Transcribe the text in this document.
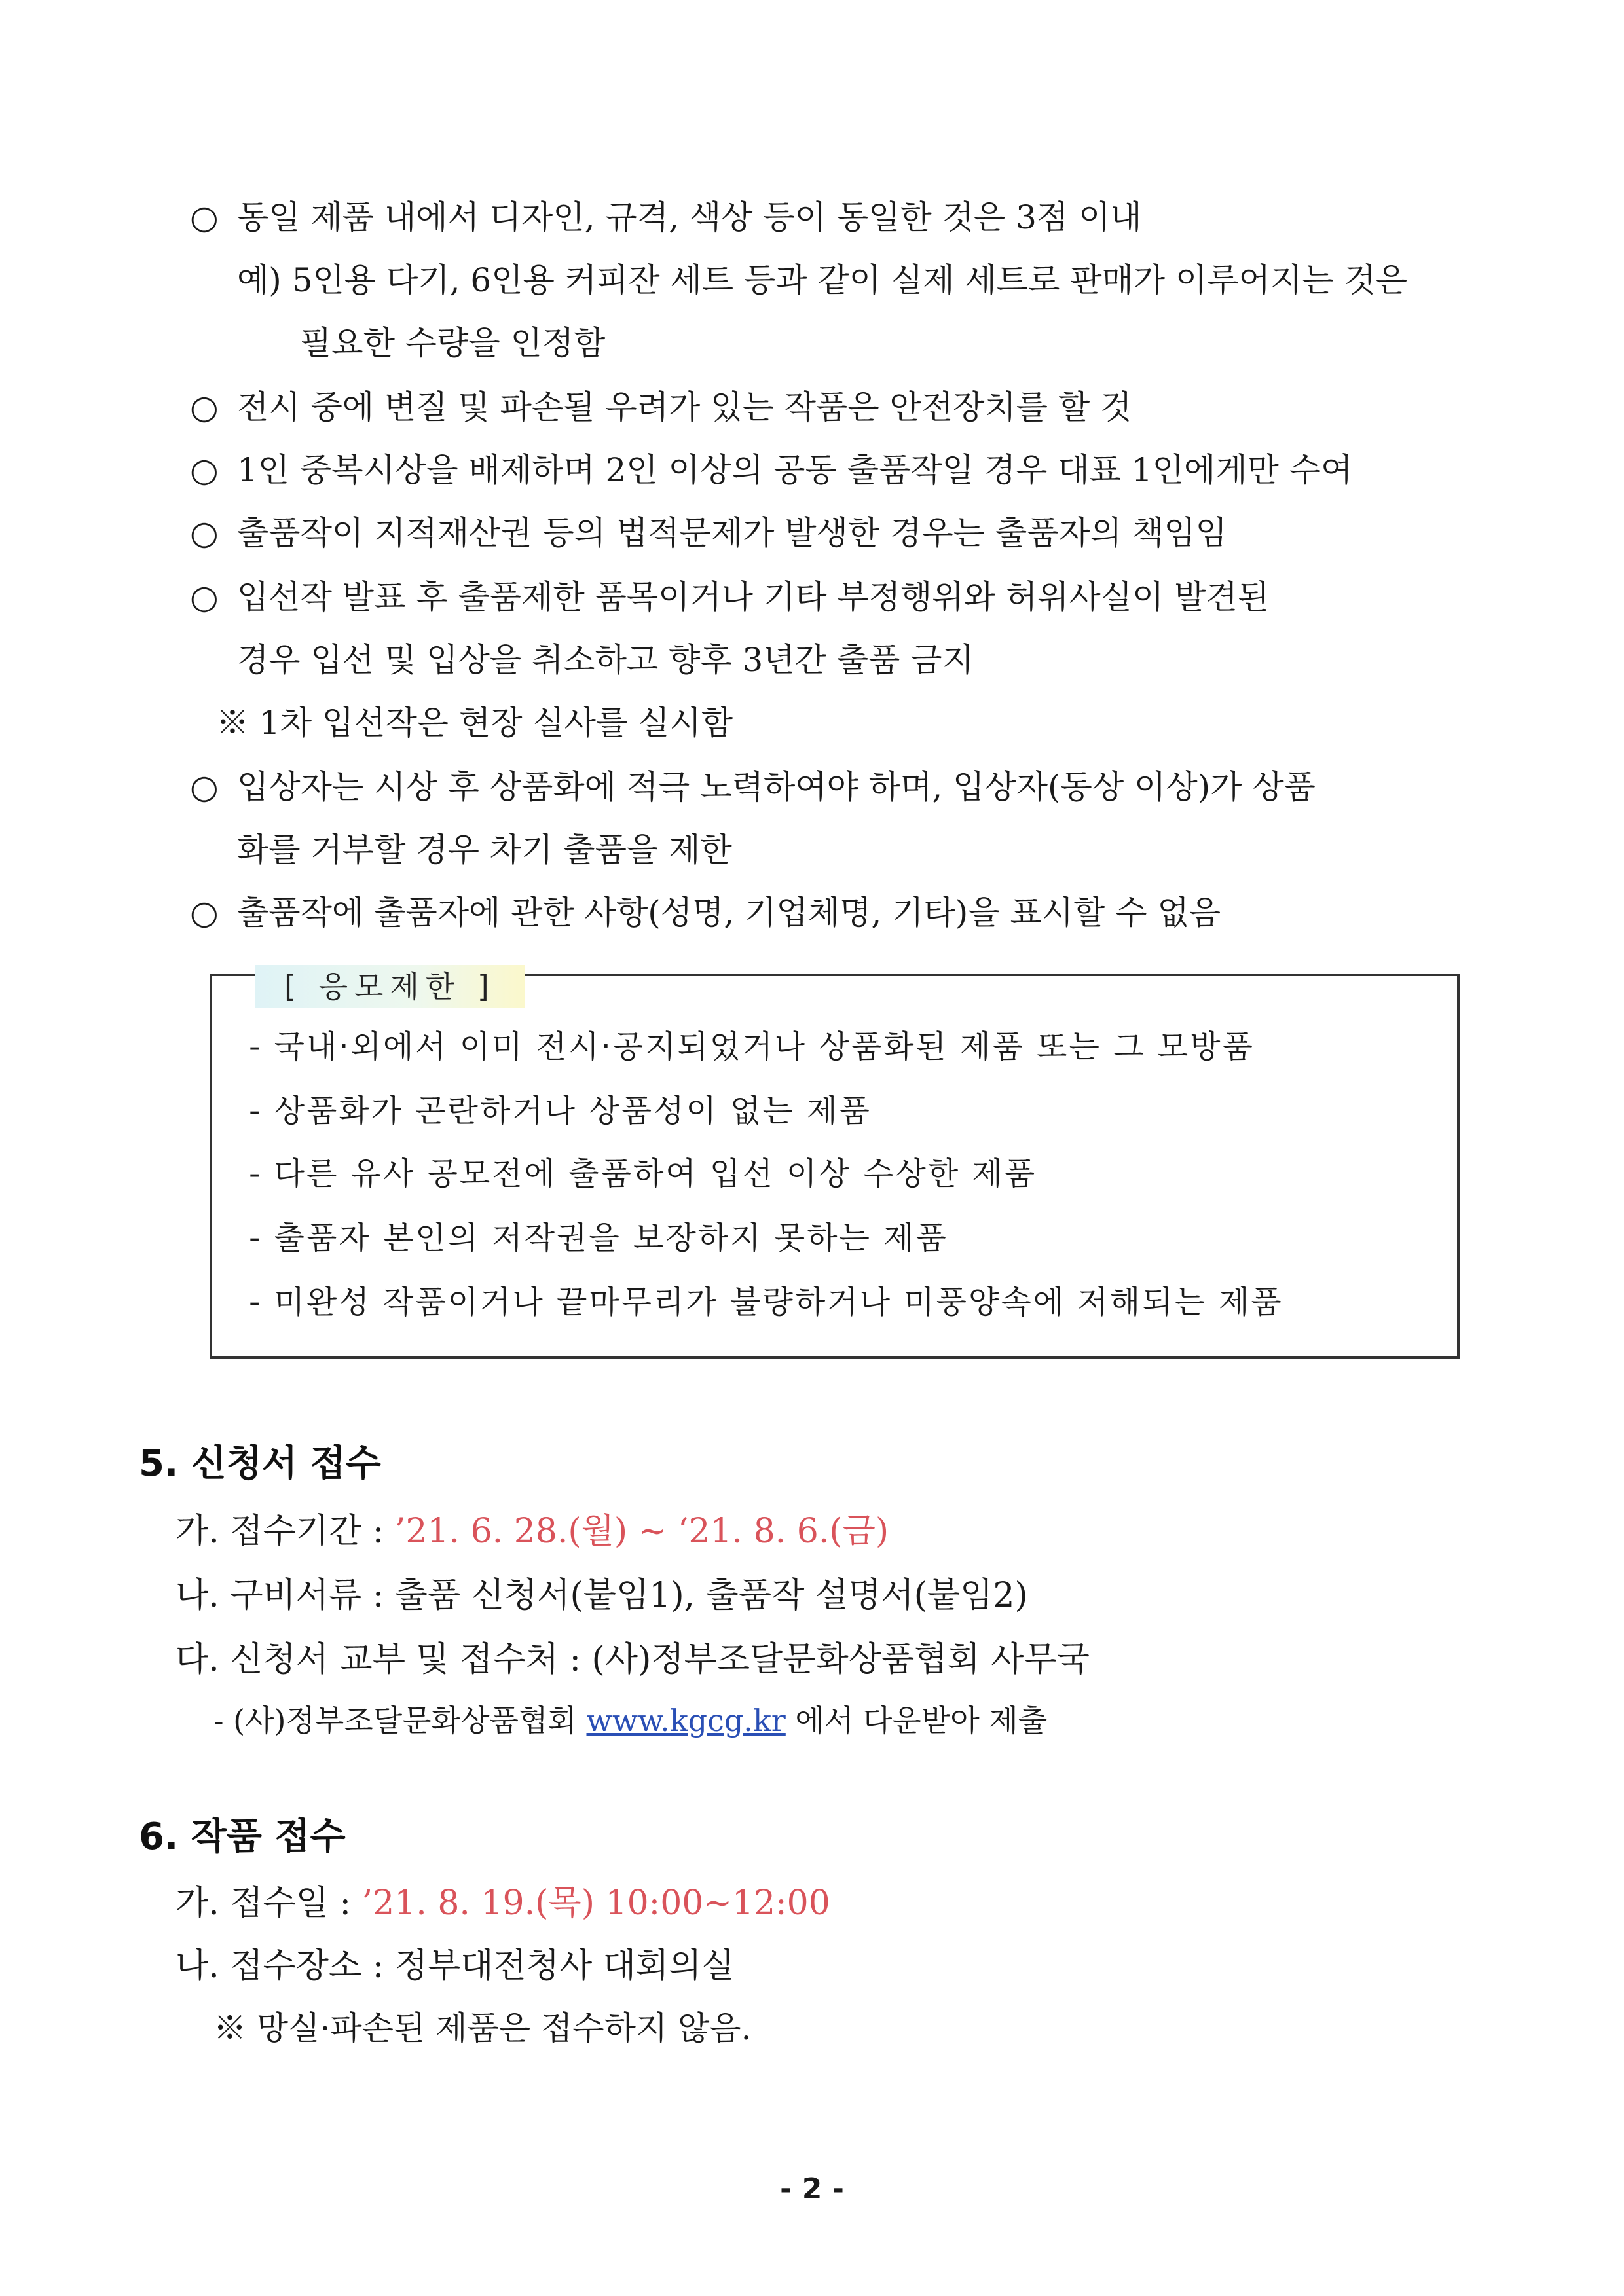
○ 동일 제품 내에서 디자인, 규격, 색상 등이 동일한 것은 3점 이내
예) 5인용 다기, 6인용 커피잔 세트 등과 같이 실제 세트로 판매가 이루어지는 것은
필요한 수량을 인정함
○ 전시 중에 변질 및 파손될 우려가 있는 작품은 안전장치를 할 것
○ 1인 중복시상을 배제하며 2인 이상의 공동 출품작일 경우 대표 1인에게만 수여
○ 출품작이 지적재산권 등의 법적문제가 발생한 경우는 출품자의 책임임
○ 입선작 발표 후 출품제한 품목이거나 기타 부정행위와 허위사실이 발견된
경우 입선 및 입상을 취소하고 향후 3년간 출품 금지
※ 1차 입선작은 현장 실사를 실시함
○ 입상자는 시상 후 상품화에 적극 노력하여야 하며, 입상자(동상 이상)가 상품
화를 거부할 경우 차기 출품을 제한
○ 출품작에 출품자에 관한 사항(성명, 기업체명, 기타)을 표시할 수 없음
[ 응모제한 ]
- 국내·외에서 이미 전시·공지되었거나 상품화된 제품 또는 그 모방품
- 상품화가 곤란하거나 상품성이 없는 제품
- 다른 유사 공모전에 출품하여 입선 이상 수상한 제품
- 출품자 본인의 저작권을 보장하지 못하는 제품
- 미완성 작품이거나 끝마무리가 불량하거나 미풍양속에 저해되는 제품
5. 신청서 접수
가. 접수기간 : ’21. 6. 28.(월) ~ ‘21. 8. 6.(금)
나. 구비서류 : 출품 신청서(붙임1), 출품작 설명서(붙임2)
다. 신청서 교부 및 접수처 : (사)정부조달문화상품협회 사무국
- (사)정부조달문화상품협회 www.kgcg.kr 에서 다운받아 제출
6. 작품 접수
가. 접수일 : ’21. 8. 19.(목) 10:00~12:00
나. 접수장소 : 정부대전청사 대회의실
※ 망실·파손된 제품은 접수하지 않음.
- 2 -
